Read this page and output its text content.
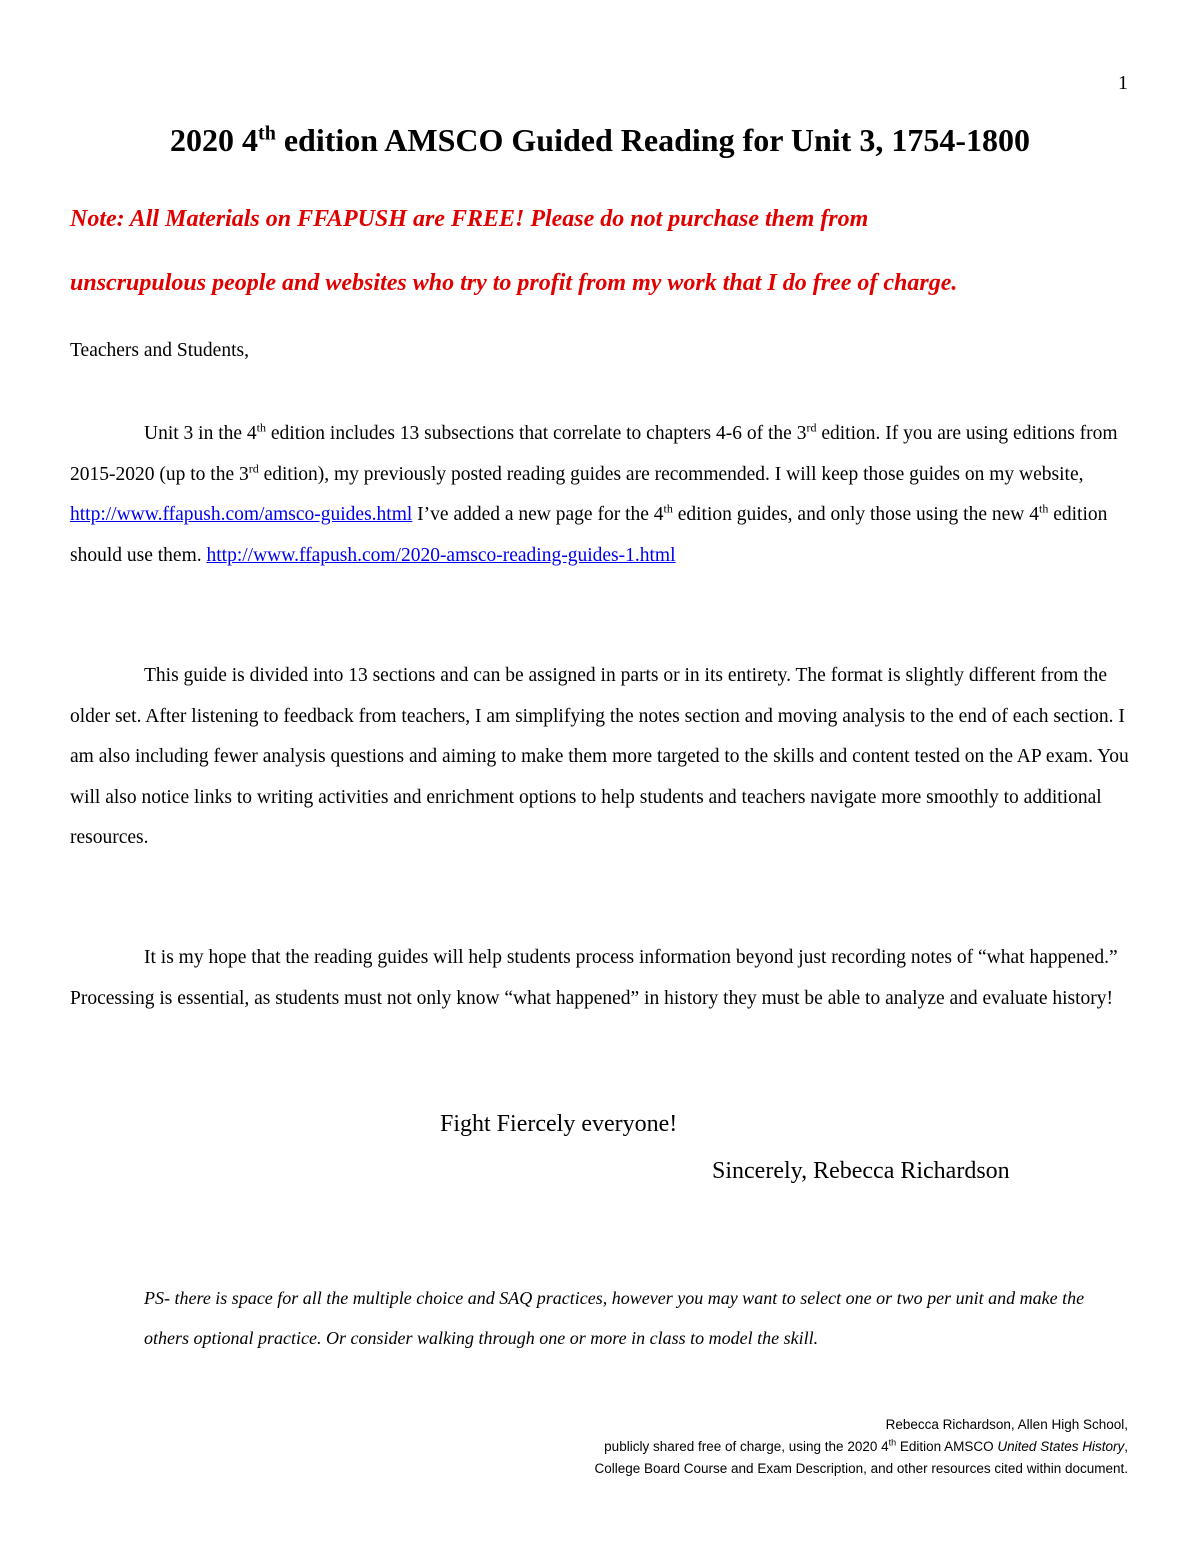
1
2020 4th edition AMSCO Guided Reading for Unit 3, 1754-1800
Note: All Materials on FFAPUSH are FREE! Please do not purchase them from
unscrupulous people and websites who try to profit from my work that I do free of charge.

Teachers and Students,

Unit 3 in the 4th edition includes 13 subsections that correlate to chapters 4-6 of the 3rd edition. If you are using editions from 2015-2020 (up to the 3rd edition), my previously posted reading guides are recommended. I will keep those guides on my website, http://www.ffapush.com/amsco-guides.html I’ve added a new page for the 4th edition guides, and only those using the new 4th edition should use them. http://www.ffapush.com/2020-amsco-reading-guides-1.html

This guide is divided into 13 sections and can be assigned in parts or in its entirety. The format is slightly different from the older set. After listening to feedback from teachers, I am simplifying the notes section and moving analysis to the end of each section. I am also including fewer analysis questions and aiming to make them more targeted to the skills and content tested on the AP exam. You will also notice links to writing activities and enrichment options to help students and teachers navigate more smoothly to additional resources.

It is my hope that the reading guides will help students process information beyond just recording notes of “what happened.” Processing is essential, as students must not only know “what happened” in history they must be able to analyze and evaluate history!

Fight Fiercely everyone!
Sincerely, Rebecca Richardson

PS- there is space for all the multiple choice and SAQ practices, however you may want to select one or two per unit and make the others optional practice. Or consider walking through one or more in class to model the skill.

Rebecca Richardson, Allen High School,
publicly shared free of charge, using the 2020 4th Edition AMSCO United States History,
College Board Course and Exam Description, and other resources cited within document.
